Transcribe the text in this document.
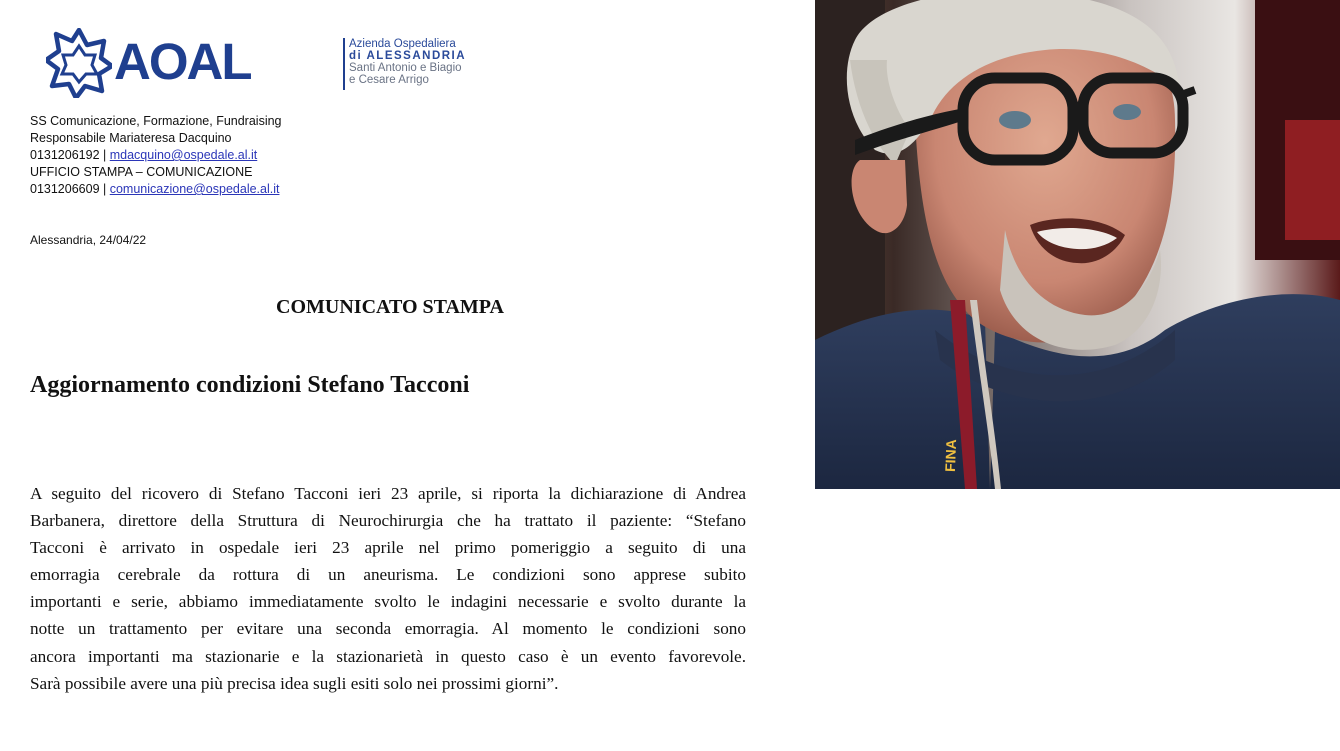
AOAL	Azienda Ospedaliera
di ALESSANDRIA
Santi Antonio e Biagio
e Cesare Arrigo
SS Comunicazione, Formazione, Fundraising
Responsabile Mariateresa Dacquino
0131206192 | mdacquino@ospedale.al.it
UFFICIO STAMPA – COMUNICAZIONE
0131206609 | comunicazione@ospedale.al.it
Alessandria, 24/04/22
COMUNICATO STAMPA
Aggiornamento condizioni Stefano Tacconi
A seguito del ricovero di Stefano Tacconi ieri 23 aprile, si riporta la dichiarazione di Andrea
Barbanera, direttore della Struttura di Neurochirurgia che ha trattato il paziente: “Stefano
Tacconi è arrivato in ospedale ieri 23 aprile nel primo pomeriggio a seguito di una
emorragia cerebrale da rottura di un aneurisma. Le condizioni sono apprese subito
importanti e serie, abbiamo immediatamente svolto le indagini necessarie e svolto durante la
notte un trattamento per evitare una seconda emorragia. Al momento le condizioni sono
ancora importanti ma stazionarie e la stazionarietà in questo caso è un evento favorevole.
Sarà possibile avere una più precisa idea sugli esiti solo nei prossimi giorni”.
FINA
